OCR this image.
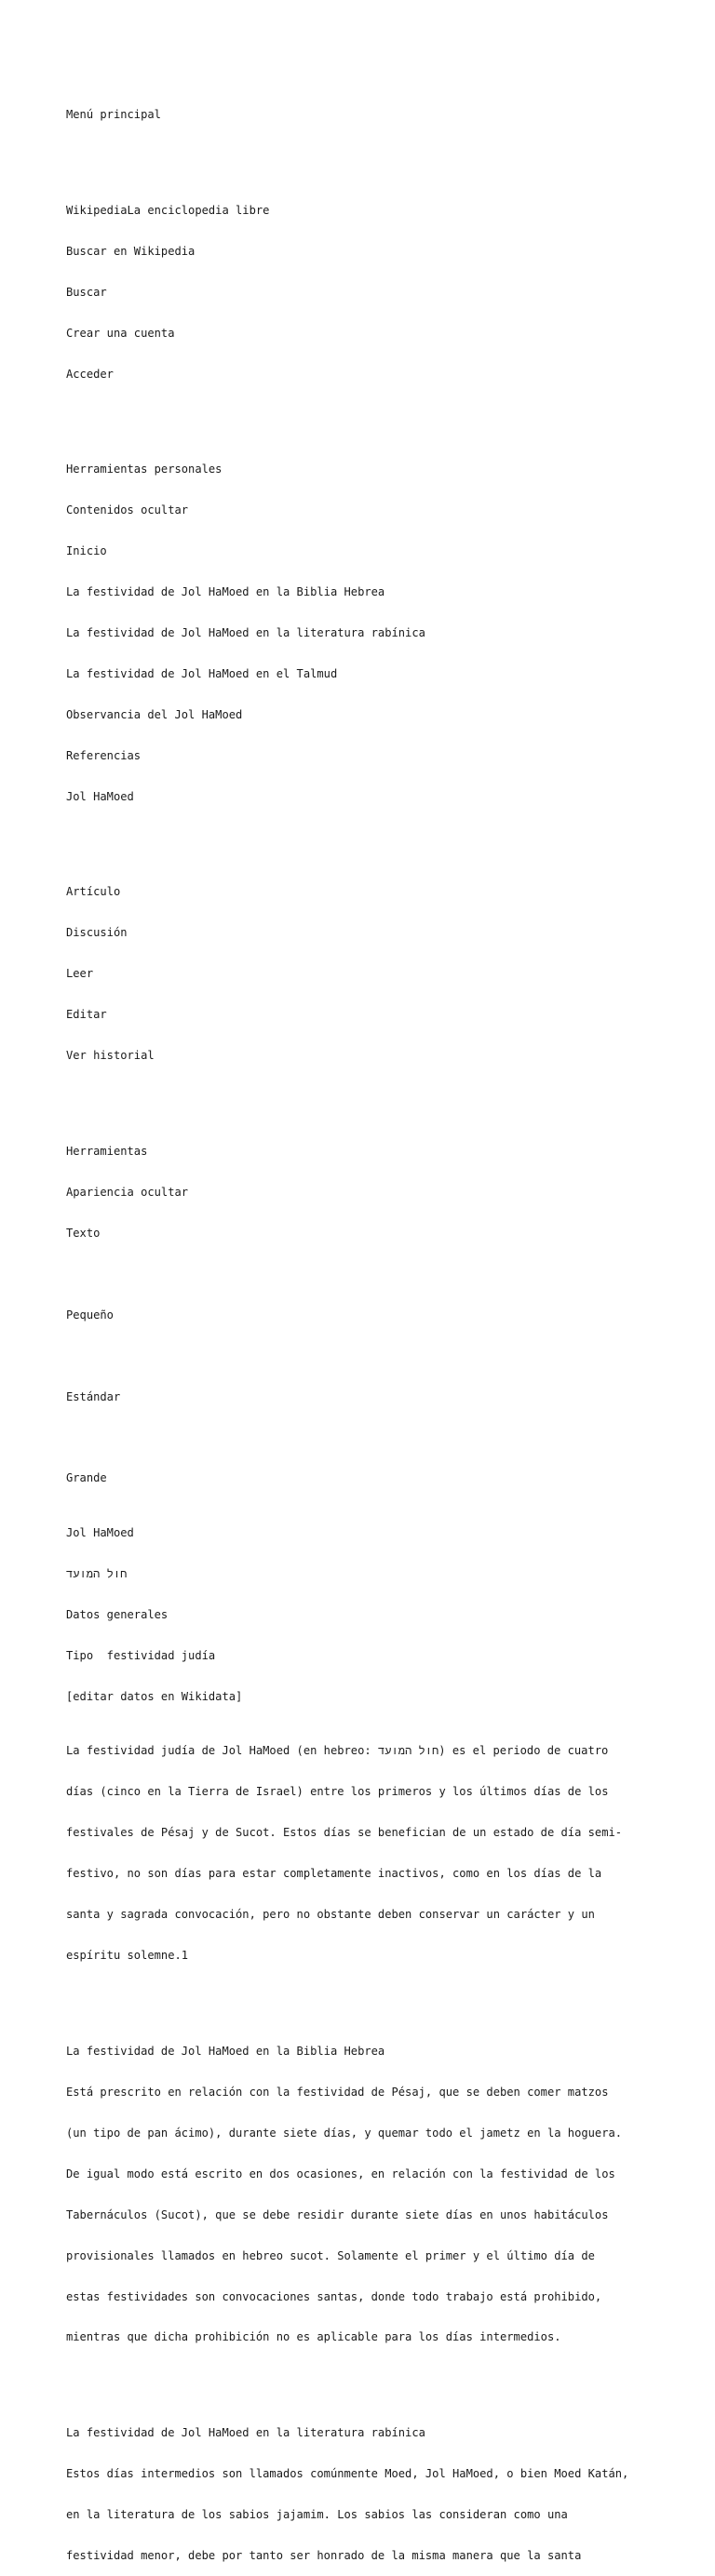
Menú principal

WikipediaLa enciclopedia libre

Buscar en Wikipedia

Buscar

Crear una cuenta

Acceder

Herramientas personales

Contenidos ocultar

Inicio

La festividad de Jol HaMoed en la Biblia Hebrea

La festividad de Jol HaMoed en la literatura rabínica

La festividad de Jol HaMoed en el Talmud

Observancia del Jol HaMoed

Referencias

Jol HaMoed

Artículo

Discusión

Leer

Editar

Ver historial

Herramientas

Apariencia ocultar

Texto

Pequeño

Estándar

Grande

Jol HaMoed

חול המועד

Datos generales

Tipo  festividad judía

[editar datos en Wikidata]

La festividad judía de Jol HaMoed (en hebreo: חול המועד) es el periodo de cuatro

días (cinco en la Tierra de Israel) entre los primeros y los últimos días de los

festivales de Pésaj y de Sucot. Estos días se benefician de un estado de día semi-

festivo, no son días para estar completamente inactivos, como en los días de la

santa y sagrada convocación, pero no obstante deben conservar un carácter y un

espíritu solemne.1

La festividad de Jol HaMoed en la Biblia Hebrea

Está prescrito en relación con la festividad de Pésaj, que se deben comer matzos

(un tipo de pan ácimo), durante siete días, y quemar todo el jametz en la hoguera.

De igual modo está escrito en dos ocasiones, en relación con la festividad de los

Tabernáculos (Sucot), que se debe residir durante siete días en unos habitáculos

provisionales llamados en hebreo sucot. Solamente el primer y el último día de

estas festividades son convocaciones santas, donde todo trabajo está prohibido,

mientras que dicha prohibición no es aplicable para los días intermedios.

La festividad de Jol HaMoed en la literatura rabínica

Estos días intermedios son llamados comúnmente Moed, Jol HaMoed, o bien Moed Katán,

en la literatura de los sabios jajamim. Los sabios las consideran como una

festividad menor, debe por tanto ser honrado de la misma manera que la santa
